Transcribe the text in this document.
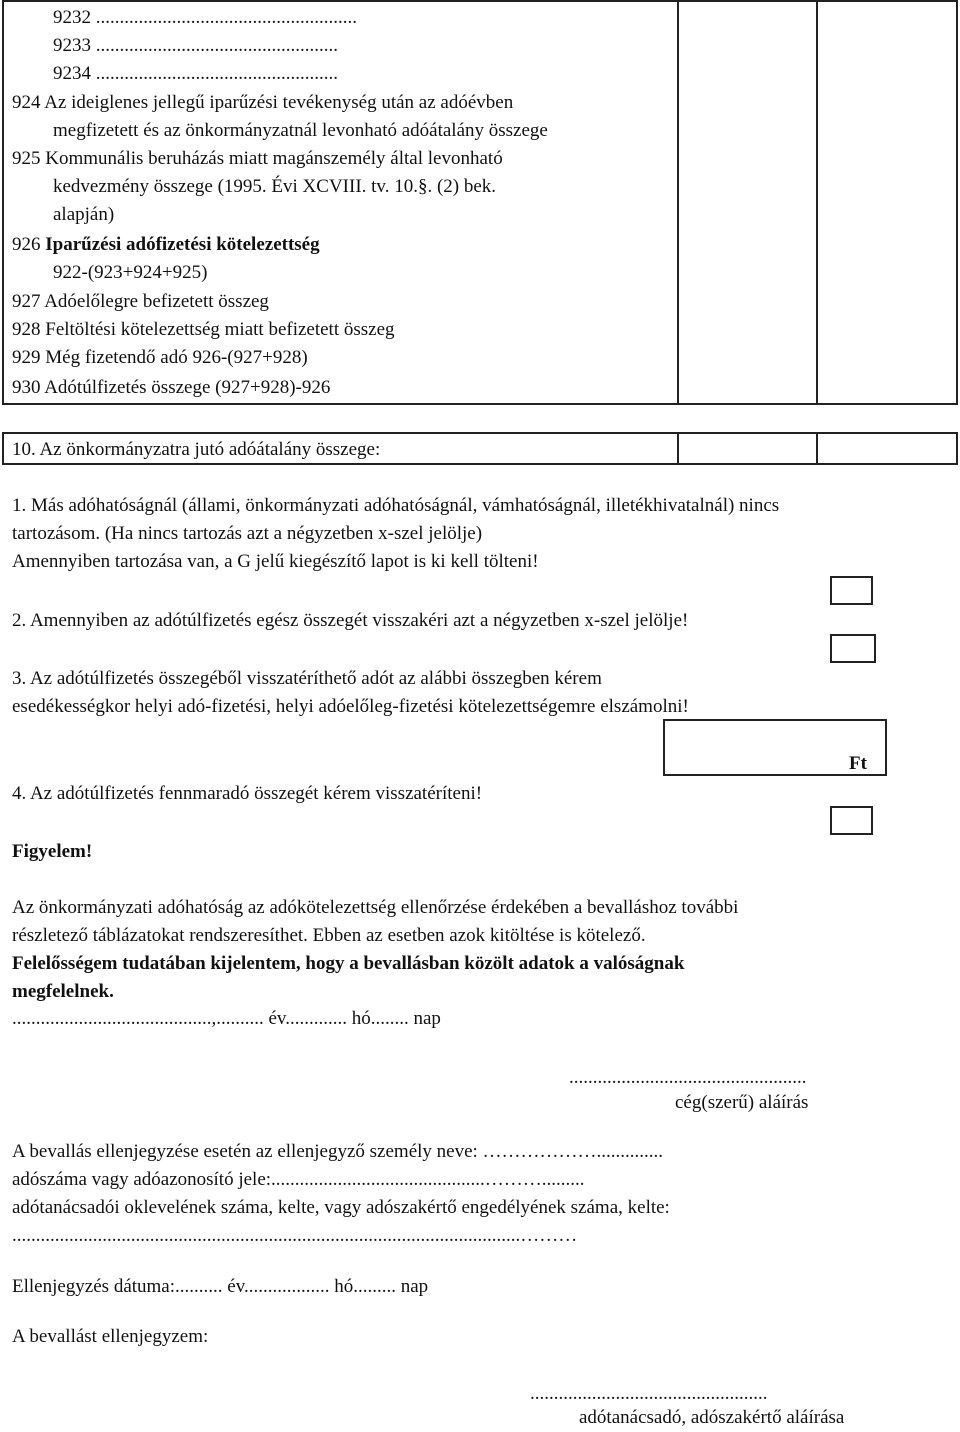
9232 .......................................................
9233 ...................................................
9234 ...................................................
924 Az ideiglenes jellegű iparűzési tevékenység után az adóévben
megfizetett és az önkormányzatnál levonható adóátalány összege
925 Kommunális beruházás miatt magánszemély által levonható
kedvezmény összege (1995. Évi XCVIII. tv. 10.§. (2) bek.
alapján)
926 Iparűzési adófizetési kötelezettség
922-(923+924+925)
927 Adóelőlegre befizetett összeg
928 Feltöltési kötelezettség miatt befizetett összeg
929 Még fizetendő adó 926-(927+928)
930 Adótúlfizetés összege (927+928)-926
10. Az önkormányzatra jutó adóátalány összege:
1. Más adóhatóságnál (állami, önkormányzati adóhatóságnál, vámhatóságnál, illetékhivatalnál) nincs
tartozásom. (Ha nincs tartozás azt a négyzetben x-szel jelölje)
Amennyiben tartozása van, a G jelű kiegészítő lapot is ki kell tölteni!
2. Amennyiben az adótúlfizetés egész összegét visszakéri azt a négyzetben x-szel jelölje!
3. Az adótúlfizetés összegéből visszatéríthető adót az alábbi összegben kérem
esedékességkor helyi adó-fizetési, helyi adóelőleg-fizetési kötelezettségemre elszámolni!
Ft
4. Az adótúlfizetés fennmaradó összegét kérem visszatéríteni!
Figyelem!
Az önkormányzati adóhatóság az adókötelezettség ellenőrzése érdekében a bevalláshoz további
részletező táblázatokat rendszeresíthet. Ebben az esetben azok kitöltése is kötelező.
Felelősségem tudatában kijelentem, hogy a bevallásban közölt adatok a valóságnak
megfelelnek.
..........................................,.......... év............. hó........ nap
..................................................
cég(szerű) aláírás
A bevallás ellenjegyzése esetén az ellenjegyző személy neve: ………………..............
adószáma vagy adóazonosító jele:.............................................……….........
adótanácsadói oklevelének száma, kelte, vagy adószakértő engedélyének száma, kelte:
...........................................................................................................………
Ellenjegyzés dátuma:.......... év.................. hó......... nap
A bevallást ellenjegyzem:
..................................................
adótanácsadó, adószakértő aláírása
